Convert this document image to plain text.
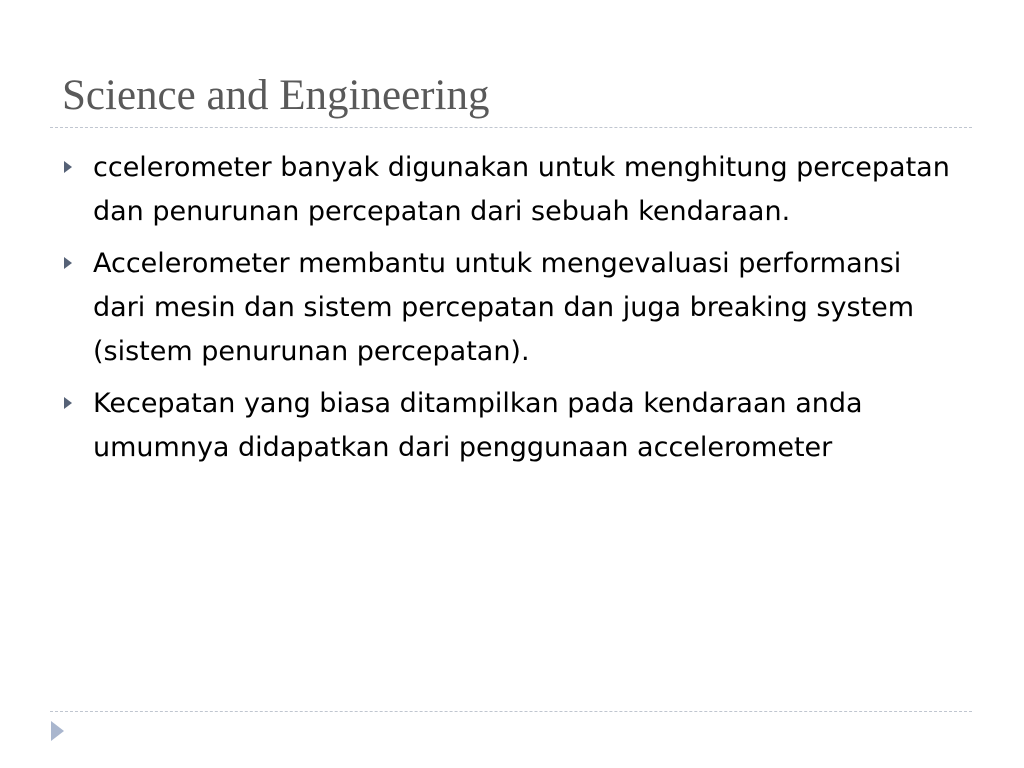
Science and Engineering
ccelerometer banyak digunakan untuk menghitung percepatan dan penurunan percepatan dari sebuah kendaraan.
Accelerometer membantu untuk mengevaluasi performansi dari mesin dan sistem percepatan dan juga breaking system (sistem penurunan percepatan).
Kecepatan yang biasa ditampilkan pada kendaraan anda umumnya didapatkan dari penggunaan accelerometer
